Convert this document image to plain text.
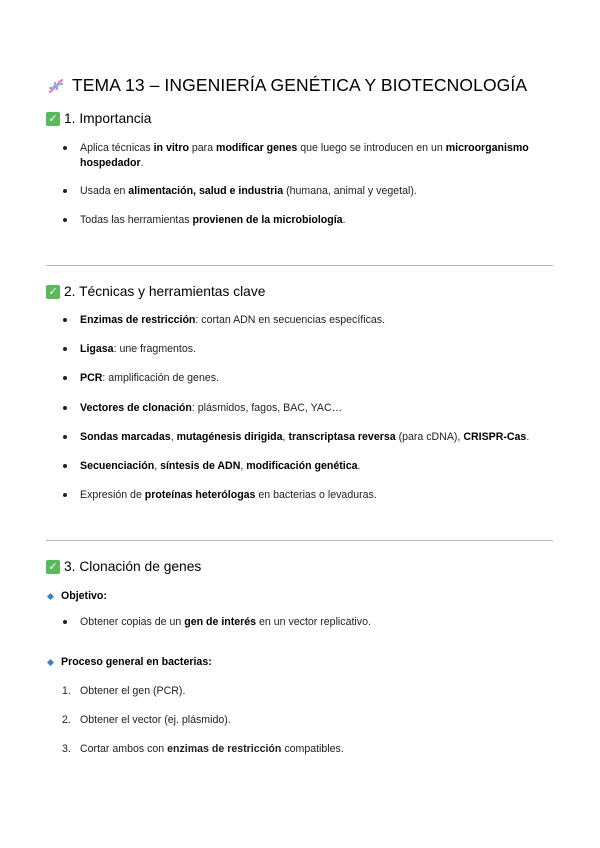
TEMA 13 – INGENIERÍA GENÉTICA Y BIOTECNOLOGÍA
✓ 1. Importancia
Aplica técnicas in vitro para modificar genes que luego se introducen en un microorganismo hospedador.
Usada en alimentación, salud e industria (humana, animal y vegetal).
Todas las herramientas provienen de la microbiología.
✓ 2. Técnicas y herramientas clave
Enzimas de restricción: cortan ADN en secuencias específicas.
Ligasa: une fragmentos.
PCR: amplificación de genes.
Vectores de clonación: plásmidos, fagos, BAC, YAC…
Sondas marcadas, mutagénesis dirigida, transcriptasa reversa (para cDNA), CRISPR-Cas.
Secuenciación, síntesis de ADN, modificación genética.
Expresión de proteínas heterólogas en bacterias o levaduras.
✓ 3. Clonación de genes
Objetivo:
Obtener copias de un gen de interés en un vector replicativo.
Proceso general en bacterias:
1. Obtener el gen (PCR).
2. Obtener el vector (ej. plásmido).
3. Cortar ambos con enzimas de restricción compatibles.
